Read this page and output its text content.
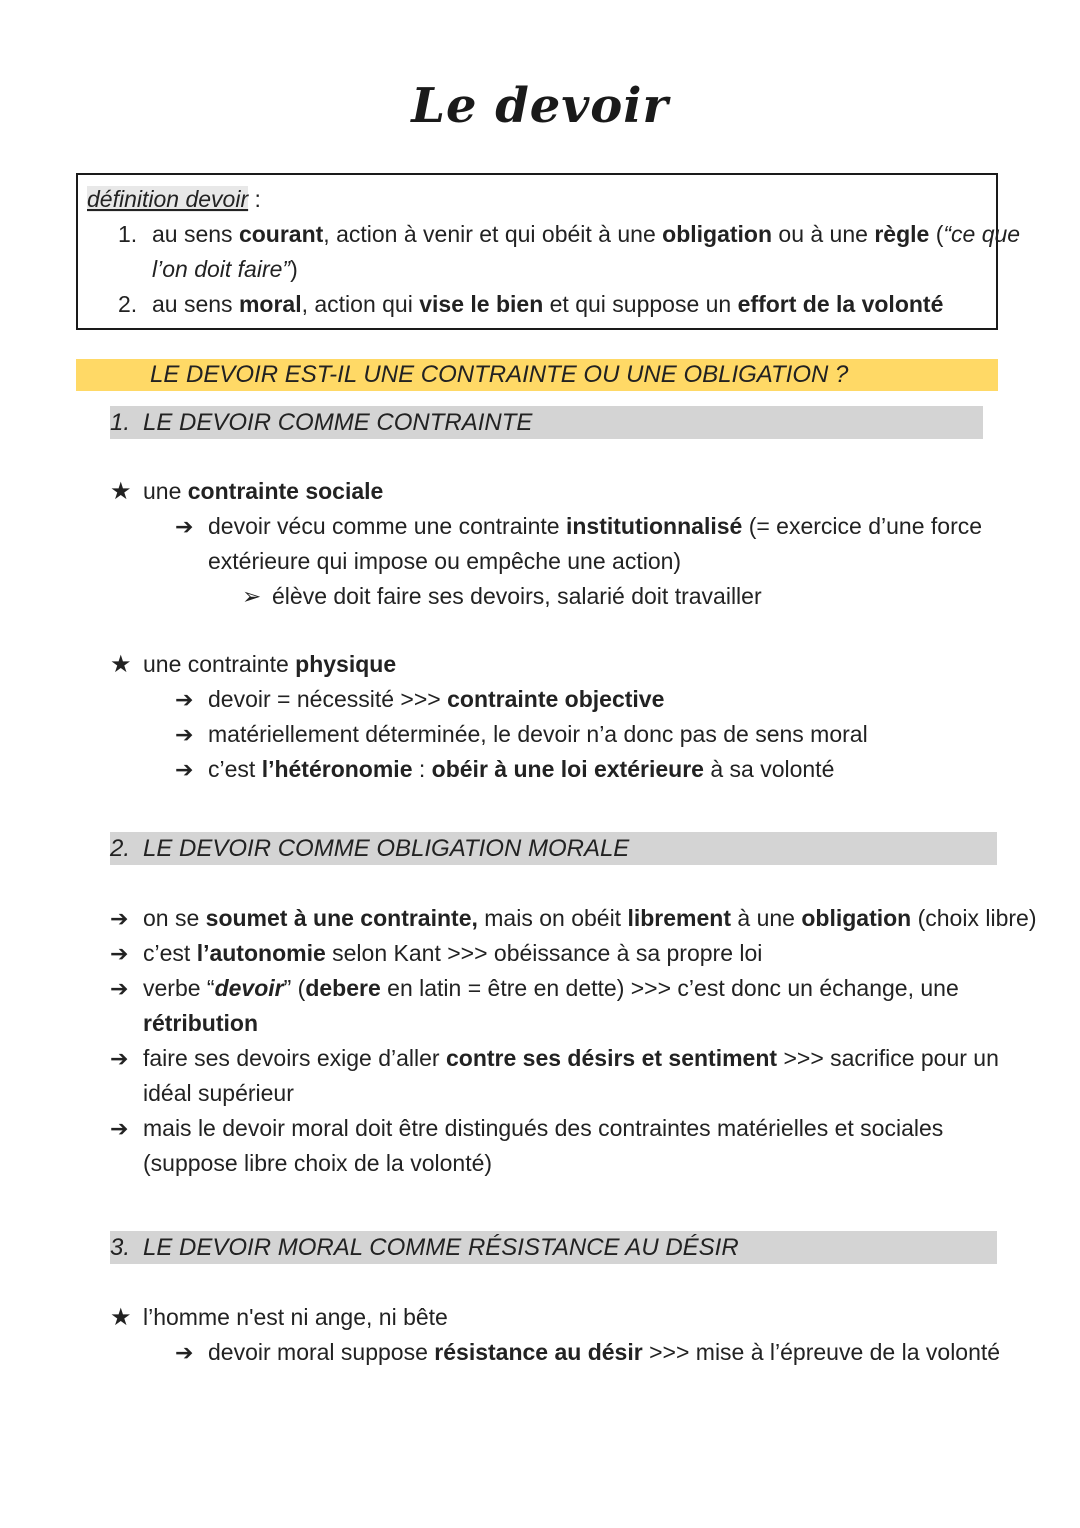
Le devoir
définition devoir :
1. au sens courant, action à venir et qui obéit à une obligation ou à une règle (“ce que
l’on doit faire”)
2. au sens moral, action qui vise le bien et qui suppose un effort de la volonté
LE DEVOIR EST-IL UNE CONTRAINTE OU UNE OBLIGATION ?
1. LE DEVOIR COMME CONTRAINTE
★ une contrainte sociale
➔ devoir vécu comme une contrainte institutionnalisé (= exercice d’une force
extérieure qui impose ou empêche une action)
➢ élève doit faire ses devoirs, salarié doit travailler
★ une contrainte physique
➔ devoir = nécessité >>> contrainte objective
➔ matériellement déterminée, le devoir n’a donc pas de sens moral
➔ c’est l’hétéronomie : obéir à une loi extérieure à sa volonté
2. LE DEVOIR COMME OBLIGATION MORALE
➔ on se soumet à une contrainte, mais on obéit librement à une obligation (choix libre)
➔ c’est l’autonomie selon Kant >>> obéissance à sa propre loi
➔ verbe “devoir” (debere en latin = être en dette) >>> c’est donc un échange, une
rétribution
➔ faire ses devoirs exige d’aller contre ses désirs et sentiment >>> sacrifice pour un
idéal supérieur
➔ mais le devoir moral doit être distingués des contraintes matérielles et sociales
(suppose libre choix de la volonté)
3. LE DEVOIR MORAL COMME RÉSISTANCE AU DÉSIR
★ l’homme n'est ni ange, ni bête
➔ devoir moral suppose résistance au désir >>> mise à l’épreuve de la volonté
